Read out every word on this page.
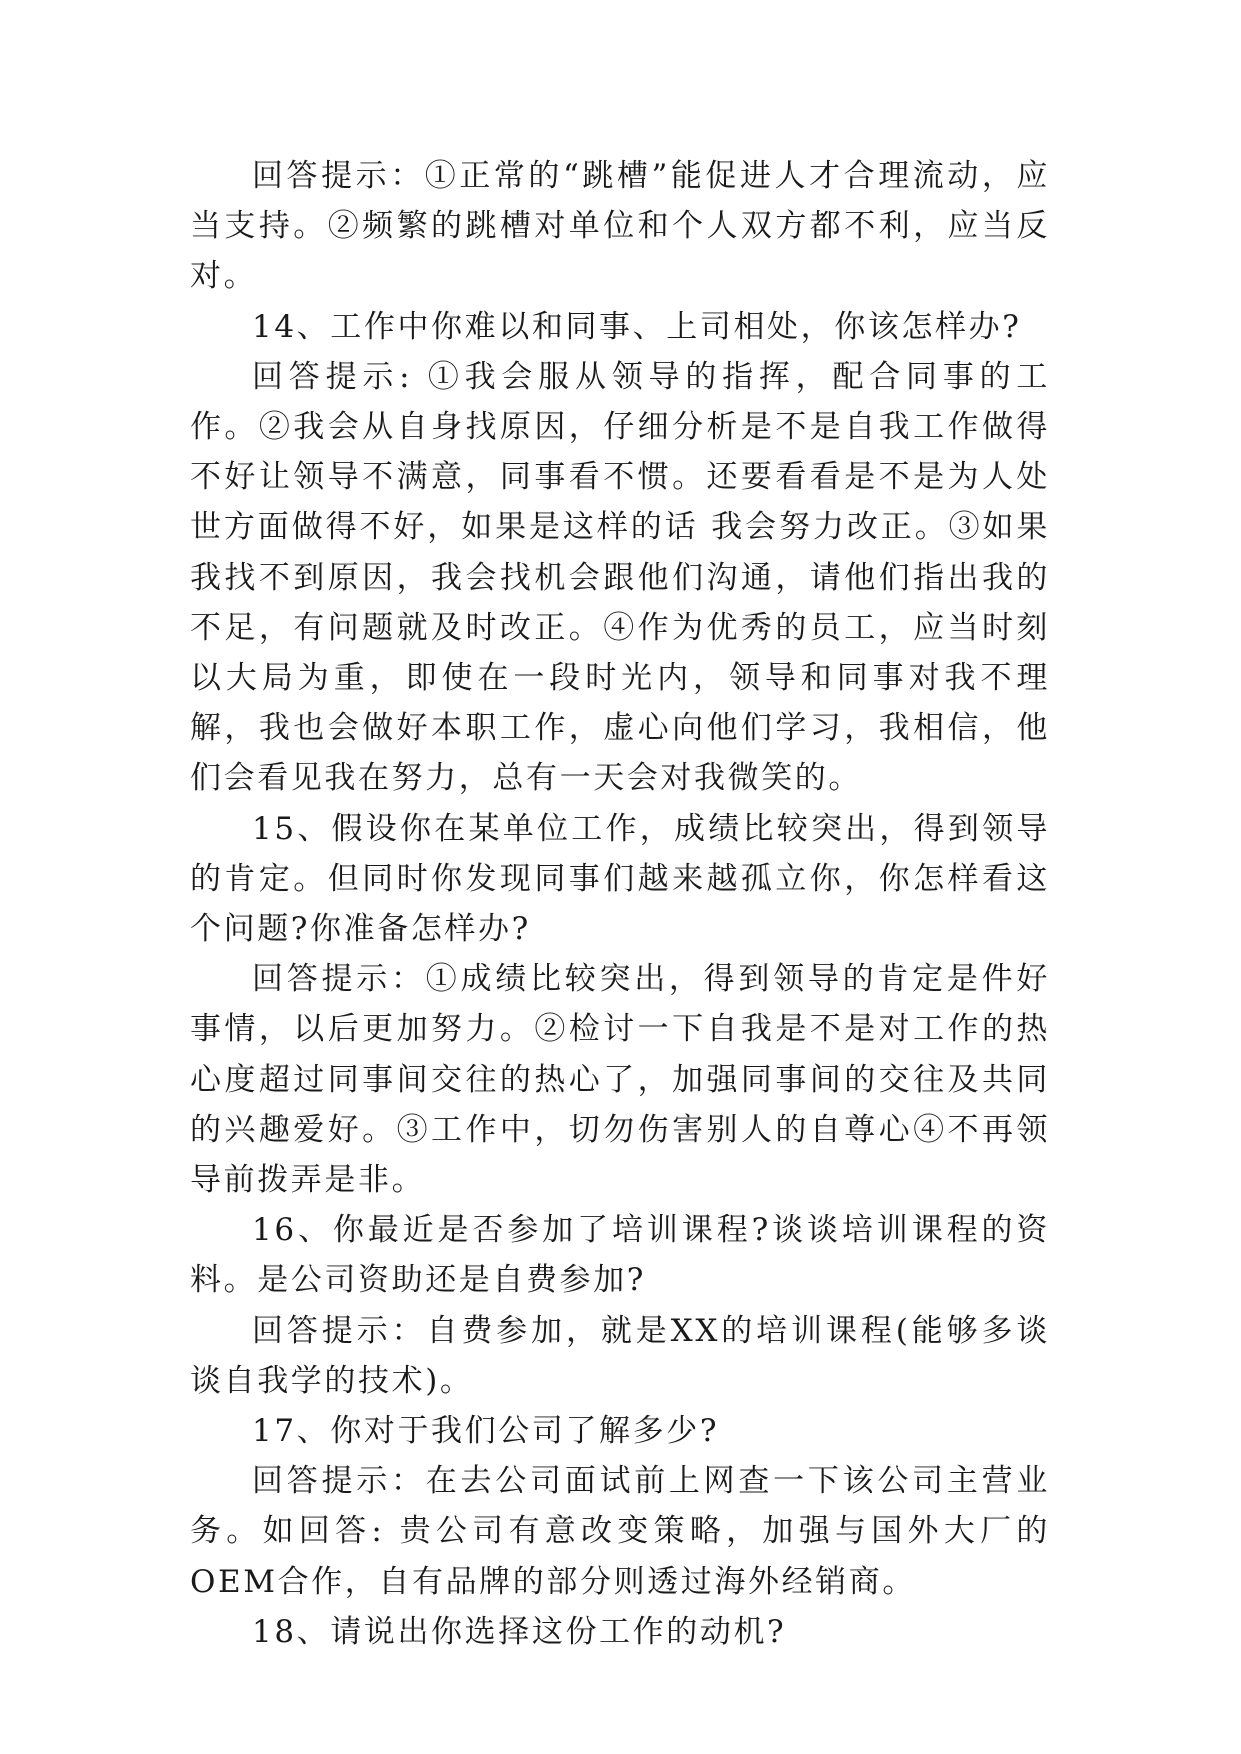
回答提示：①正常的“跳槽”能促进人才合理流动，应当支持。②频繁的跳槽对单位和个人双方都不利，应当反对。

14、工作中你难以和同事、上司相处，你该怎样办?

回答提示: ①我会服从领导的指挥，配合同事的工作。②我会从自身找原因，仔细分析是不是自我工作做得不好让领导不满意，同事看不惯。还要看看是不是为人处世方面做得不好，如果是这样的话 我会努力改正。③如果我找不到原因，我会找机会跟他们沟通，请他们指出我的不足，有问题就及时改正。④作为优秀的员工，应当时刻以大局为重，即使在一段时光内，领导和同事对我不理解，我也会做好本职工作，虚心向他们学习，我相信，他们会看见我在努力，总有一天会对我微笑的。

15、假设你在某单位工作，成绩比较突出，得到领导的肯定。但同时你发现同事们越来越孤立你，你怎样看这个问题?你准备怎样办?

回答提示：①成绩比较突出，得到领导的肯定是件好事情，以后更加努力。②检讨一下自我是不是对工作的热心度超过同事间交往的热心了，加强同事间的交往及共同的兴趣爱好。③工作中，切勿伤害别人的自尊心④不再领导前拨弄是非。

16、你最近是否参加了培训课程?谈谈培训课程的资料。是公司资助还是自费参加?

回答提示：自费参加，就是XX的培训课程(能够多谈谈自我学的技术)。

17、你对于我们公司了解多少?

回答提示：在去公司面试前上网查一下该公司主营业务。如回答: 贵公司有意改变策略，加强与国外大厂的OEM合作，自有品牌的部分则透过海外经销商。

18、请说出你选择这份工作的动机?
